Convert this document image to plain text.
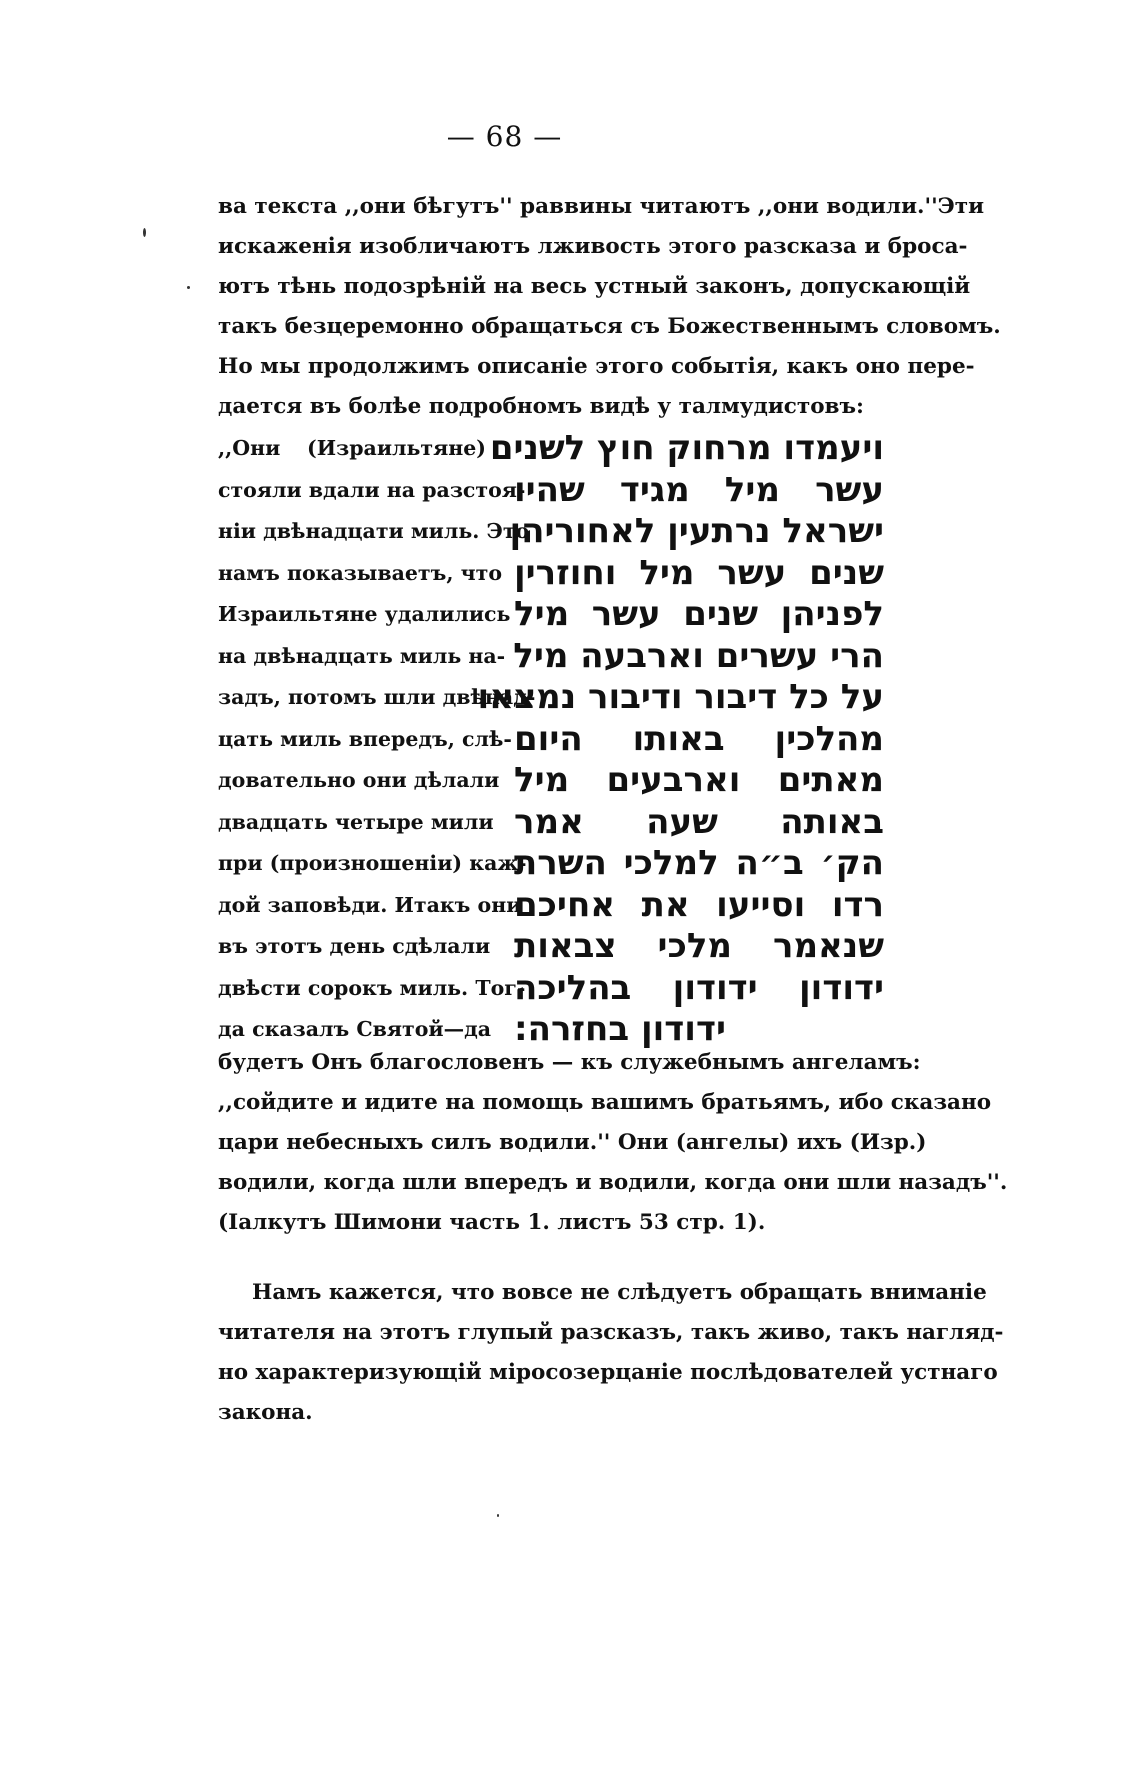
— 68 —
ва текста ,,они бѣгутъ'' раввины читаютъ ,,они водили.''Эти
искаженія изобличаютъ лживость этого разсказа и броса-
ютъ тѣнь подозрѣній на весь устный законъ, допускающій
такъ безцеремонно обращаться съ Божественнымъ словомъ.
Но мы продолжимъ описаніе этого событія, какъ оно пере-
дается въ болѣе подробномъ видѣ у талмудистовъ:
,,Они (Израильтяне)
стояли вдали на разстоя-
ніи двѣнадцати миль. Это
намъ показываетъ, что
Израильтяне удалились
на двѣнадцать миль на-
задъ, потомъ шли двѣнад-
цать миль впередъ, слѣ-
довательно они дѣлали
двадцать четыре мили
при (произношеніи) каж-
дой заповѣди. Итакъ они
въ этотъ день сдѣлали
двѣсти сорокъ миль. Тог-
да сказалъ Святой—да
ויעמדו מרחוק חוץ לשנים
עשר מיל מגיד שהיו
ישראל נרתעין לאחוריהן
שנים עשר מיל וחוזרין
לפניהן שנים עשר מיל
הרי עשרים וארבעה מיל
על כל דיבור ודיבור נמצאו
מהלכין באותו היום
מאתים וארבעים מיל
באותה שעה אמר
הק׳ ב״ה למלכי השרת
רדו וסייעו את אחיכם
שנאמר מלכי צבאות
ידודון ידודון בהליכה
ידודון בחזרה:
будетъ Онъ благословенъ — къ служебнымъ ангеламъ:
,,сойдите и идите на помощь вашимъ братьямъ, ибо сказано
цари небесныхъ силъ водили.'' Они (ангелы) ихъ (Изр.)
водили, когда шли впередъ и водили, когда они шли назадъ''.
(Іалкутъ Шимони часть 1. листъ 53 стр. 1).
Намъ кажется, что вовсе не слѣдуетъ обращать вниманіе
читателя на этотъ глупый разсказъ, такъ живо, такъ нагляд-
но характеризующій міросозерцаніе послѣдователей устнаго
закона.
